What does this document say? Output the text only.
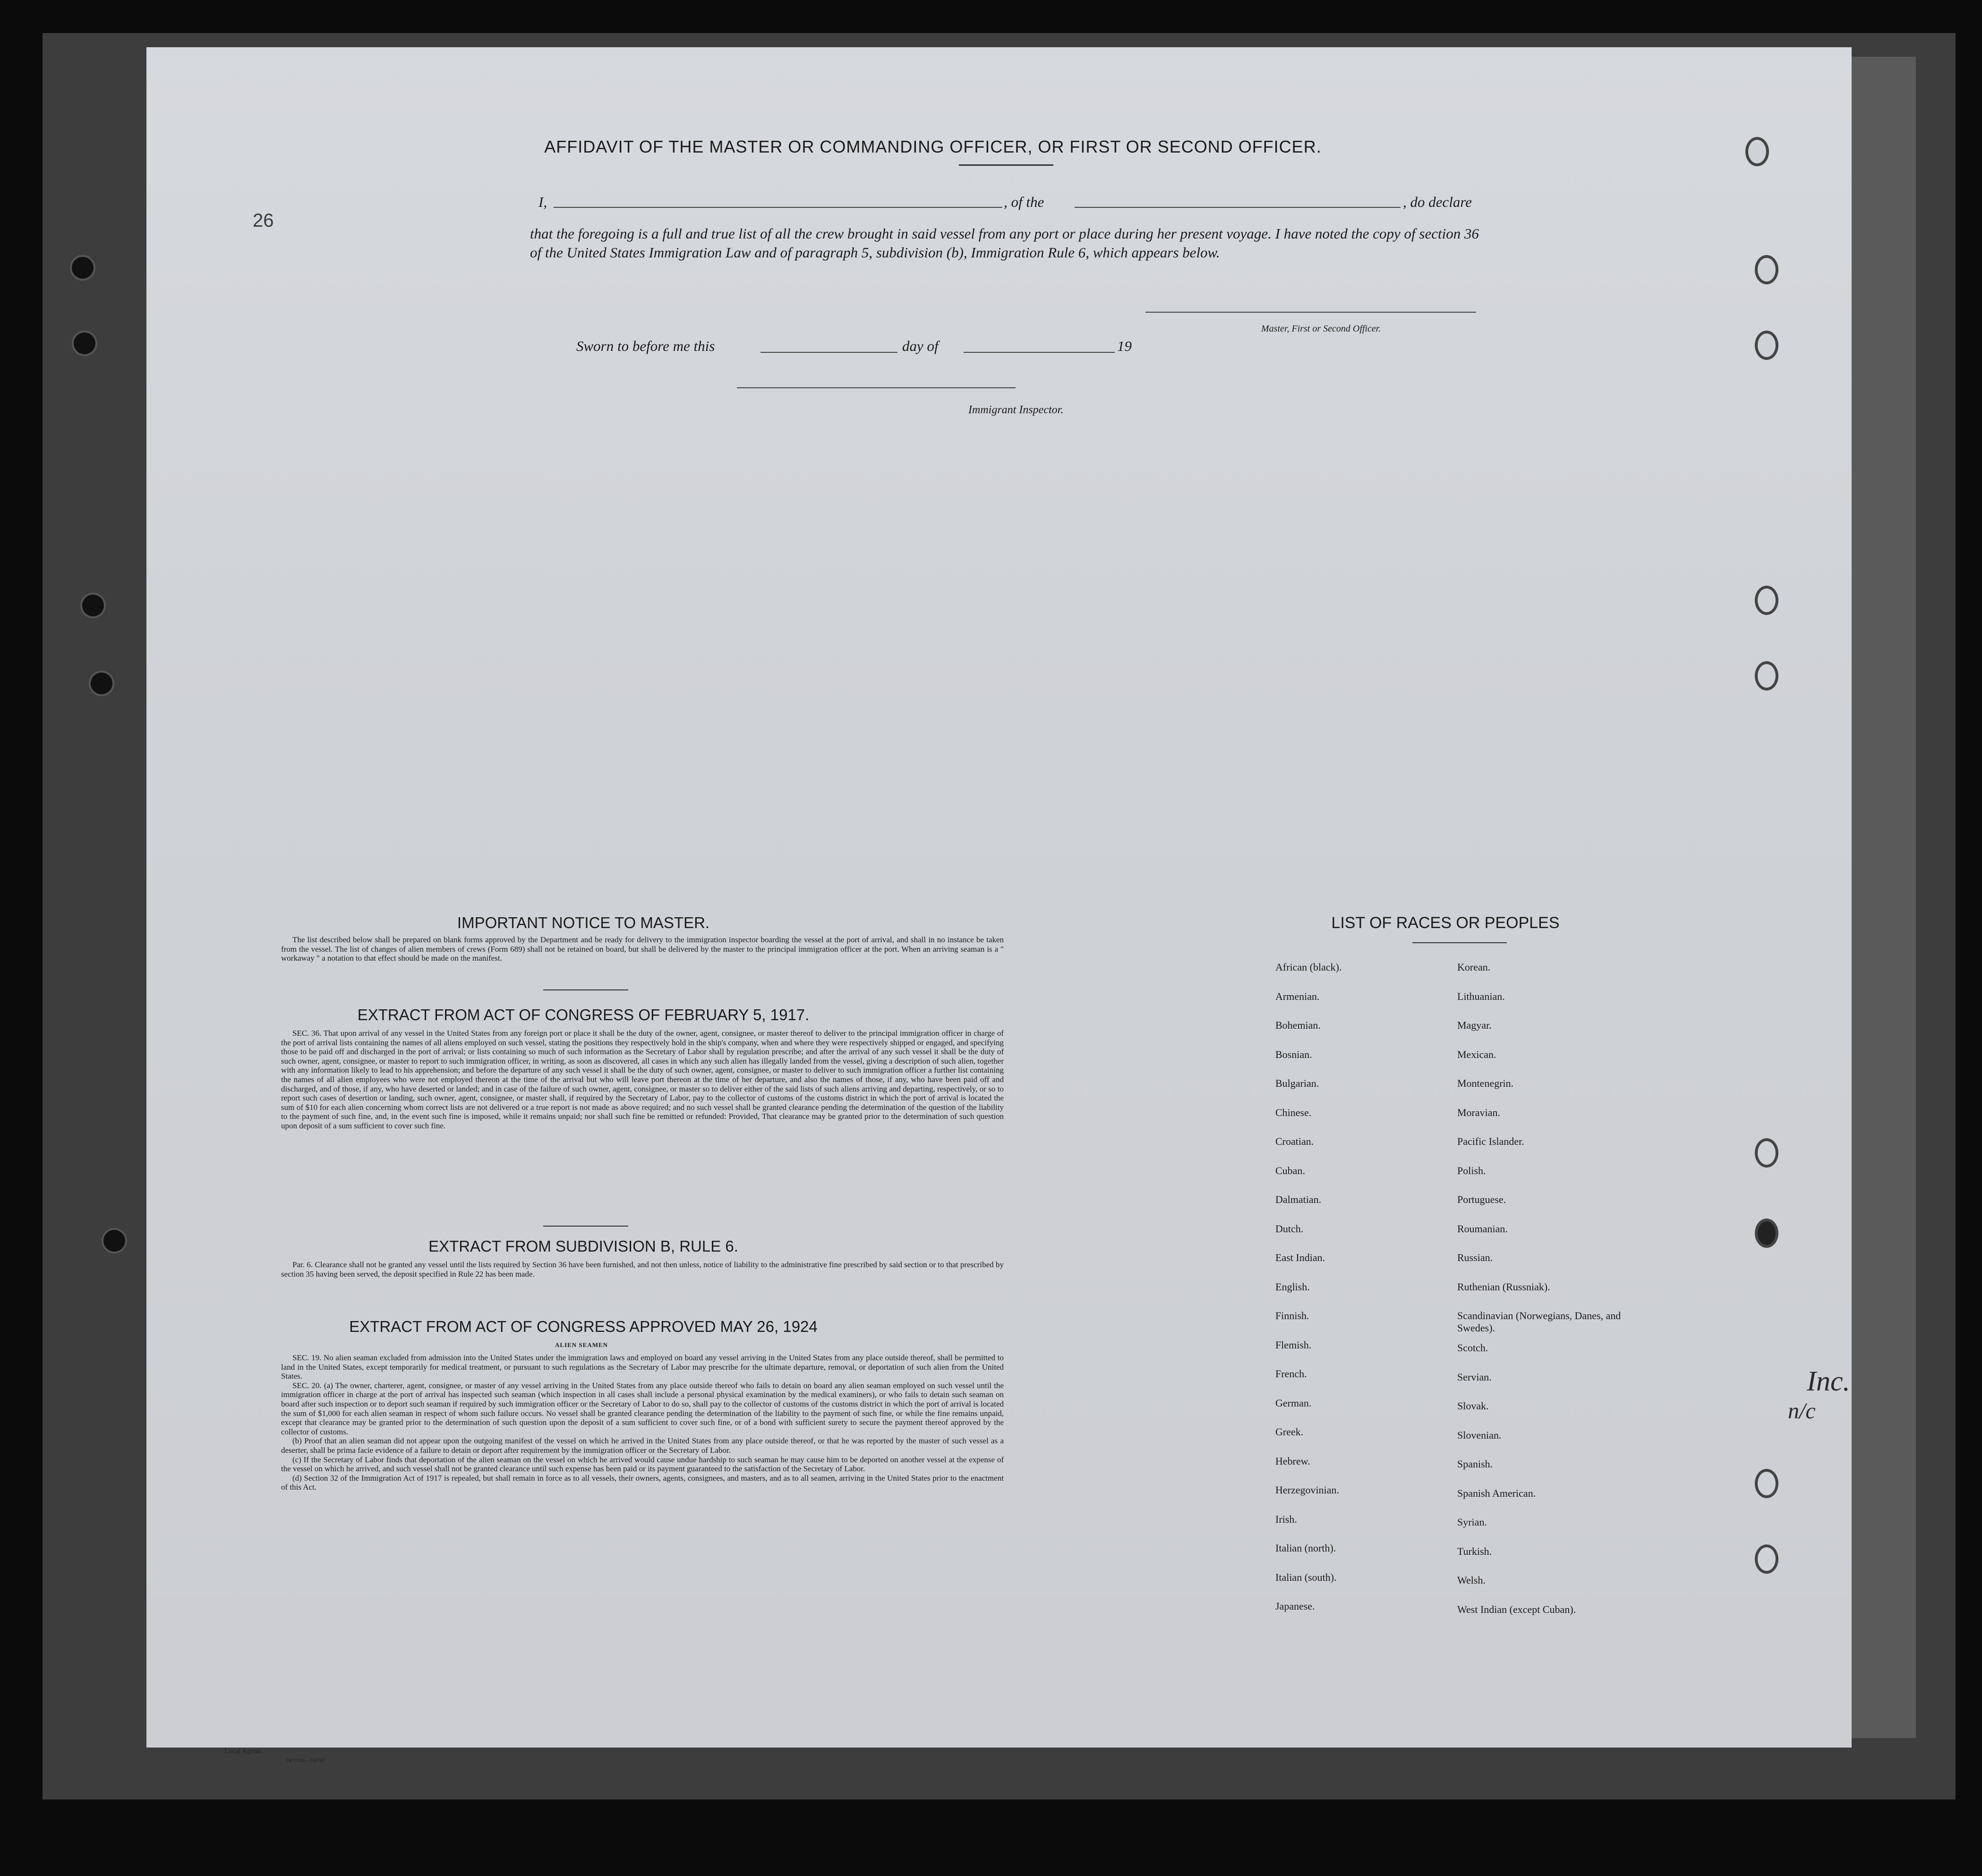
AFFIDAVIT OF THE MASTER OR COMMANDING OFFICER, OR FIRST OR SECOND OFFICER.
26
I,	, of the	, do declare
that the foregoing is a full and true list of all the crew brought in said vessel from any port or place during her present voyage. I have noted the copy of section 36 of the United States Immigration Law and of paragraph 5, subdivision (b), Immigration Rule 6, which appears below.
Master, First or Second Officer.
Sworn to before me this	day of	19
Immigrant Inspector.
IMPORTANT NOTICE TO MASTER.

The list described below shall be prepared on blank forms approved by the Department and be ready for delivery to the immigration inspector boarding the vessel at the port of arrival, and shall in no instance be taken from the vessel. The list of changes of alien members of crews (Form 689) shall not be retained on board, but shall be delivered by the master to the principal immigration officer at the port. When an arriving seaman is a " workaway " a notation to that effect should be made on the manifest.

EXTRACT FROM ACT OF CONGRESS OF FEBRUARY 5, 1917.

SEC. 36. That upon arrival of any vessel in the United States from any foreign port or place it shall be the duty of the owner, agent, consignee, or master thereof to deliver to the principal immigration officer in charge of the port of arrival lists containing the names of all aliens employed on such vessel, stating the positions they respectively hold in the ship's company, when and where they were respectively shipped or engaged, and specifying those to be paid off and discharged in the port of arrival; or lists containing so much of such information as the Secretary of Labor shall by regulation prescribe; and after the arrival of any such vessel it shall be the duty of such owner, agent, consignee, or master to report to such immigration officer, in writing, as soon as discovered, all cases in which any such alien has illegally landed from the vessel, giving a description of such alien, together with any information likely to lead to his apprehension; and before the departure of any such vessel it shall be the duty of such owner, agent, consignee, or master to deliver to such immigration officer a further list containing the names of all alien employees who were not employed thereon at the time of the arrival but who will leave port thereon at the time of her departure, and also the names of those, if any, who have been paid off and discharged, and of those, if any, who have deserted or landed; and in case of the failure of such owner, agent, consignee, or master so to deliver either of the said lists of such aliens arriving and departing, respectively, or so to report such cases of desertion or landing, such owner, agent, consignee, or master shall, if required by the Secretary of Labor, pay to the collector of customs of the customs district in which the port of arrival is located the sum of $10 for each alien concerning whom correct lists are not delivered or a true report is not made as above required; and no such vessel shall be granted clearance pending the determination of the question of the liability to the payment of such fine, and, in the event such fine is imposed, while it remains unpaid; nor shall such fine be remitted or refunded: Provided, That clearance may be granted prior to the determination of such question upon deposit of a sum sufficient to cover such fine.

EXTRACT FROM SUBDIVISION B, RULE 6.

Par. 6. Clearance shall not be granted any vessel until the lists required by Section 36 have been furnished, and not then unless, notice of liability to the administrative fine prescribed by said section or to that prescribed by section 35 having been served, the deposit specified in Rule 22 has been made.

EXTRACT FROM ACT OF CONGRESS APPROVED MAY 26, 1924
ALIEN SEAMEN

SEC. 19. No alien seaman excluded from admission into the United States under the immigration laws and employed on board any vessel arriving in the United States from any place outside thereof, shall be permitted to land in the United States, except temporarily for medical treatment, or pursuant to such regulations as the Secretary of Labor may prescribe for the ultimate departure, removal, or deportation of such alien from the United States.

SEC. 20. (a) The owner, charterer, agent, consignee, or master of any vessel arriving in the United States from any place outside thereof who fails to detain on board any alien seaman employed on such vessel until the immigration officer in charge at the port of arrival has inspected such seaman (which inspection in all cases shall include a personal physical examination by the medical examiners), or who fails to detain such seaman on board after such inspection or to deport such seaman if required by such immigration officer or the Secretary of Labor to do so, shall pay to the collector of customs of the customs district in which the port of arrival is located the sum of $1,000 for each alien seaman in respect of whom such failure occurs. No vessel shall be granted clearance pending the determination of the liability to the payment of such fine, or while the fine remains unpaid, except that clearance may be granted prior to the determination of such question upon the deposit of a sum sufficient to cover such fine, or of a bond with sufficient surety to secure the payment thereof approved by the collector of customs.

(b) Proof that an alien seaman did not appear upon the outgoing manifest of the vessel on which he arrived in the United States from any place outside thereof, or that he was reported by the master of such vessel as a deserter, shall be prima facie evidence of a failure to detain or deport after requirement by the immigration officer or the Secretary of Labor.

(c) If the Secretary of Labor finds that deportation of the alien seaman on the vessel on which he arrived would cause undue hardship to such seaman he may cause him to be deported on another vessel at the expense of the vessel on which he arrived, and such vessel shall not be granted clearance until such expense has been paid or its payment guaranteed to the satisfaction of the Secretary of Labor.

(d) Section 32 of the Immigration Act of 1917 is repealed, but shall remain in force as to all vessels, their owners, agents, consignees, and masters, and as to all seamen, arriving in the United States prior to the enactment of this Act.

LIST OF RACES OR PEOPLES
African (black).
Armenian.
Bohemian.
Bosnian.
Bulgarian.
Chinese.
Croatian.
Cuban.
Dalmatian.
Dutch.
East Indian.
English.
Finnish.
Flemish.
French.
German.
Greek.
Hebrew.
Herzegovinian.
Irish.
Italian (north).
Italian (south).
Japanese.
Korean.
Lithuanian.
Magyar.
Mexican.
Montenegrin.
Moravian.
Pacific Islander.
Polish.
Portuguese.
Roumanian.
Russian.
Ruthenian (Russniak).
Scandinavian (Norwegians, Danes, and Swedes).
Scotch.
Servian.
Slovak.
Slovenian.
Spanish.
Spanish American.
Syrian.
Turkish.
Welsh.
West Indian (except Cuban).
Local Agents
24/1308—10/767
Inc.
n/c
